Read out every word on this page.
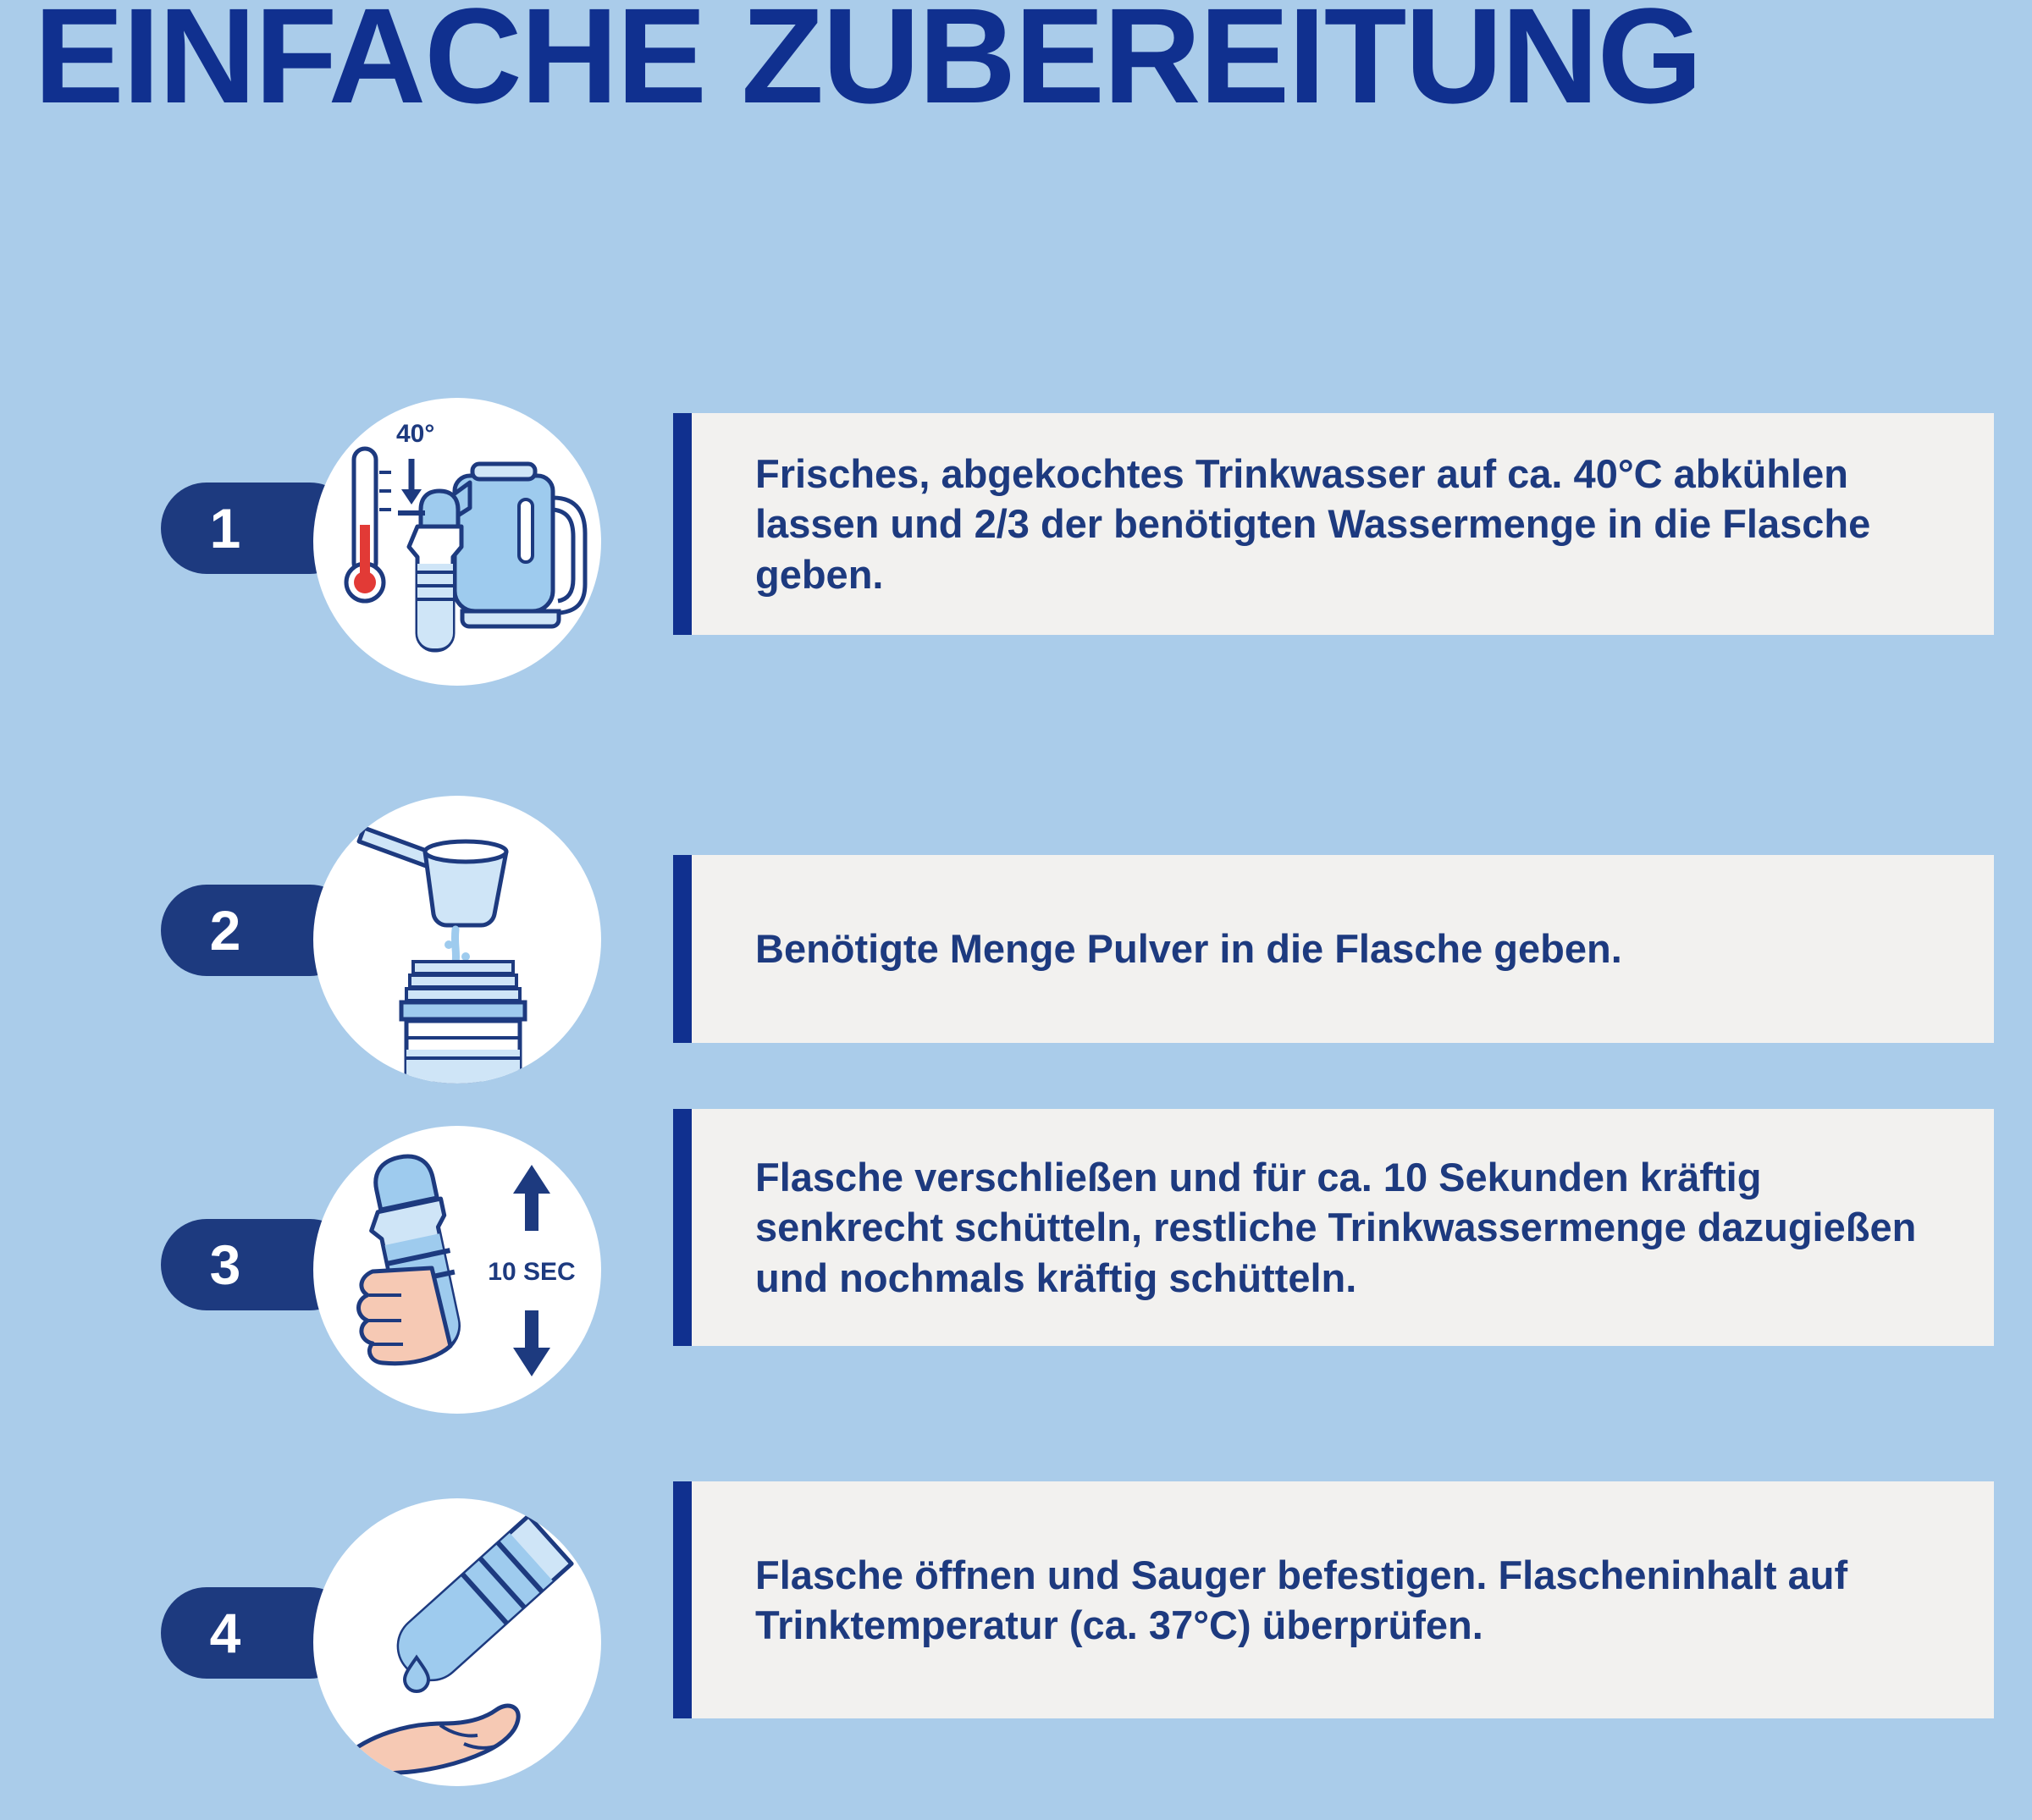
EINFACHE ZUBEREITUNG
1
40°

Frisches, abgekochtes Trinkwasser auf ca. 40°C abkühlen lassen und 2/3 der benötigten Wassermenge in die Flasche geben.

2	Benötigte Menge Pulver in die Flasche geben.

3	10 SEC

Flasche verschließen und für ca. 10 Sekunden kräftig senkrecht schütteln, restliche Trinkwassermenge dazugießen und nochmals kräftig schütteln.

4

Flasche öffnen und Sauger befestigen. Flascheninhalt auf Trinktemperatur (ca. 37°C) überprüfen.
